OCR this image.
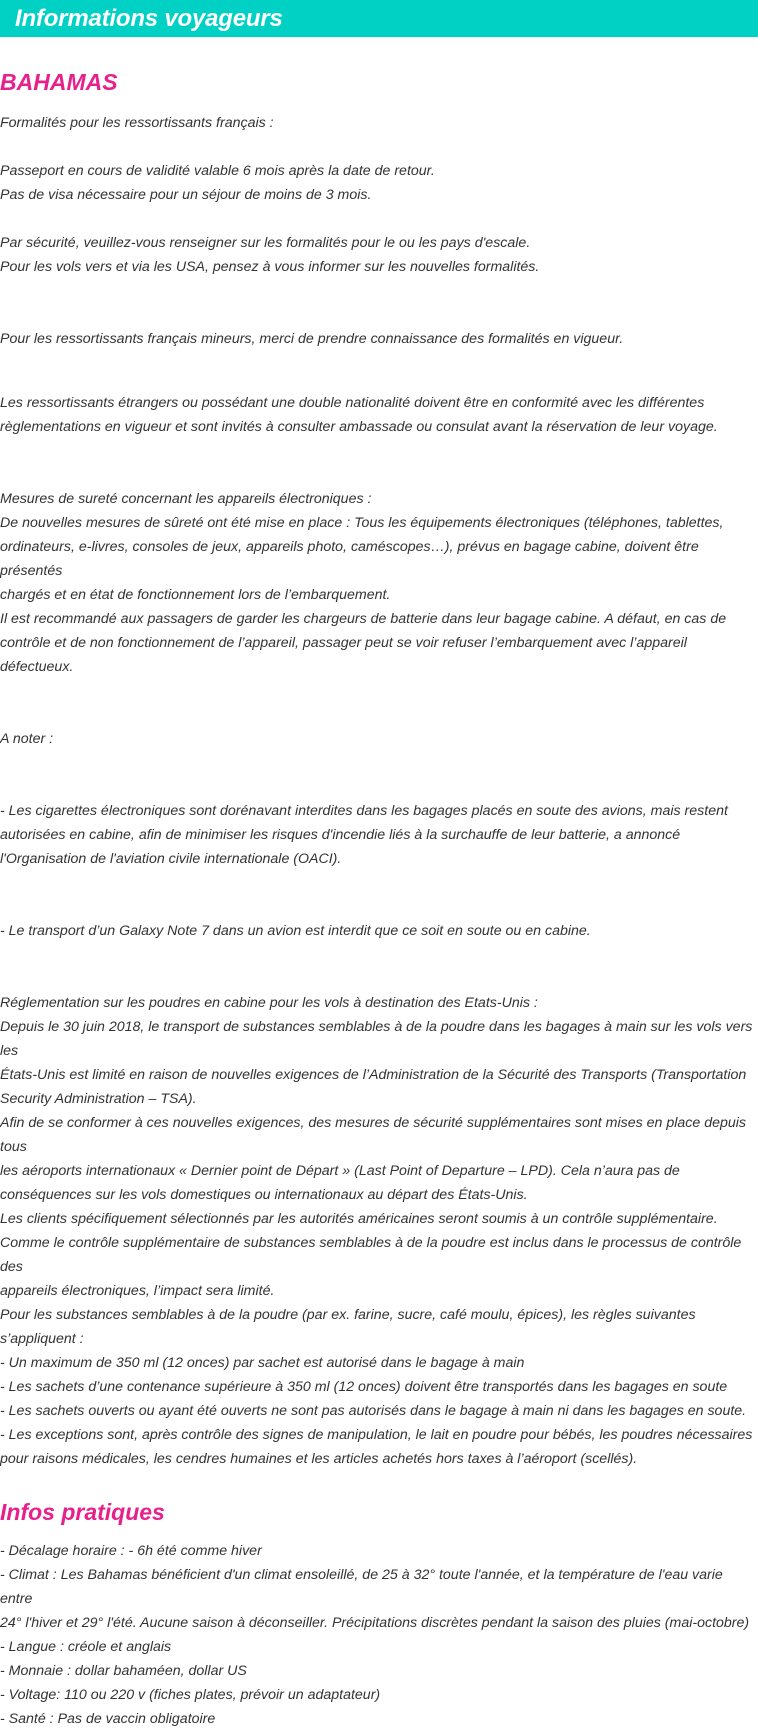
Informations voyageurs
BAHAMAS

Formalités pour les ressortissants français :

Passeport en cours de validité valable 6 mois après la date de retour.
Pas de visa nécessaire pour un séjour de moins de 3 mois.

Par sécurité, veuillez-vous renseigner sur les formalités pour le ou les pays d'escale.
Pour les vols vers et via les USA, pensez à vous informer sur les nouvelles formalités.

Pour les ressortissants français mineurs, merci de prendre connaissance des formalités en vigueur.

Les ressortissants étrangers ou possédant une double nationalité doivent être en conformité avec les différentes
règlementations en vigueur et sont invités à consulter ambassade ou consulat avant la réservation de leur voyage.

Mesures de sureté concernant les appareils électroniques :
De nouvelles mesures de sûreté ont été mise en place : Tous les équipements électroniques (téléphones, tablettes,
ordinateurs, e-livres, consoles de jeux, appareils photo, caméscopes…), prévus en bagage cabine, doivent être présentés
chargés et en état de fonctionnement lors de l’embarquement.
Il est recommandé aux passagers de garder les chargeurs de batterie dans leur bagage cabine. A défaut, en cas de
contrôle et de non fonctionnement de l’appareil, passager peut se voir refuser l’embarquement avec l’appareil
défectueux.

A noter :

- Les cigarettes électroniques sont dorénavant interdites dans les bagages placés en soute des avions, mais restent
autorisées en cabine, afin de minimiser les risques d'incendie liés à la surchauffe de leur batterie, a annoncé
l'Organisation de l'aviation civile internationale (OACI).

- Le transport d’un Galaxy Note 7 dans un avion est interdit que ce soit en soute ou en cabine.

Réglementation sur les poudres en cabine pour les vols à destination des Etats-Unis :
Depuis le 30 juin 2018, le transport de substances semblables à de la poudre dans les bagages à main sur les vols vers les
États-Unis est limité en raison de nouvelles exigences de l’Administration de la Sécurité des Transports (Transportation
Security Administration – TSA).
Afin de se conformer à ces nouvelles exigences, des mesures de sécurité supplémentaires sont mises en place depuis tous
les aéroports internationaux « Dernier point de Départ » (Last Point of Departure – LPD). Cela n’aura pas de
conséquences sur les vols domestiques ou internationaux au départ des États-Unis.
Les clients spécifiquement sélectionnés par les autorités américaines seront soumis à un contrôle supplémentaire.
Comme le contrôle supplémentaire de substances semblables à de la poudre est inclus dans le processus de contrôle des
appareils électroniques, l’impact sera limité.
Pour les substances semblables à de la poudre (par ex. farine, sucre, café moulu, épices), les règles suivantes s’appliquent :
- Un maximum de 350 ml (12 onces) par sachet est autorisé dans le bagage à main
- Les sachets d’une contenance supérieure à 350 ml (12 onces) doivent être transportés dans les bagages en soute
- Les sachets ouverts ou ayant été ouverts ne sont pas autorisés dans le bagage à main ni dans les bagages en soute.
- Les exceptions sont, après contrôle des signes de manipulation, le lait en poudre pour bébés, les poudres nécessaires
pour raisons médicales, les cendres humaines et les articles achetés hors taxes à l’aéroport (scellés).

Infos pratiques

- Décalage horaire : - 6h été comme hiver
- Climat : Les Bahamas bénéficient d'un climat ensoleillé, de 25 à 32° toute l'année, et la température de l'eau varie entre
24° l'hiver et 29° l'été. Aucune saison à déconseiller. Précipitations discrètes pendant la saison des pluies (mai-octobre)
- Langue : créole et anglais
- Monnaie : dollar bahaméen, dollar US
- Voltage: 110 ou 220 v (fiches plates, prévoir un adaptateur)
- Santé : Pas de vaccin obligatoire
